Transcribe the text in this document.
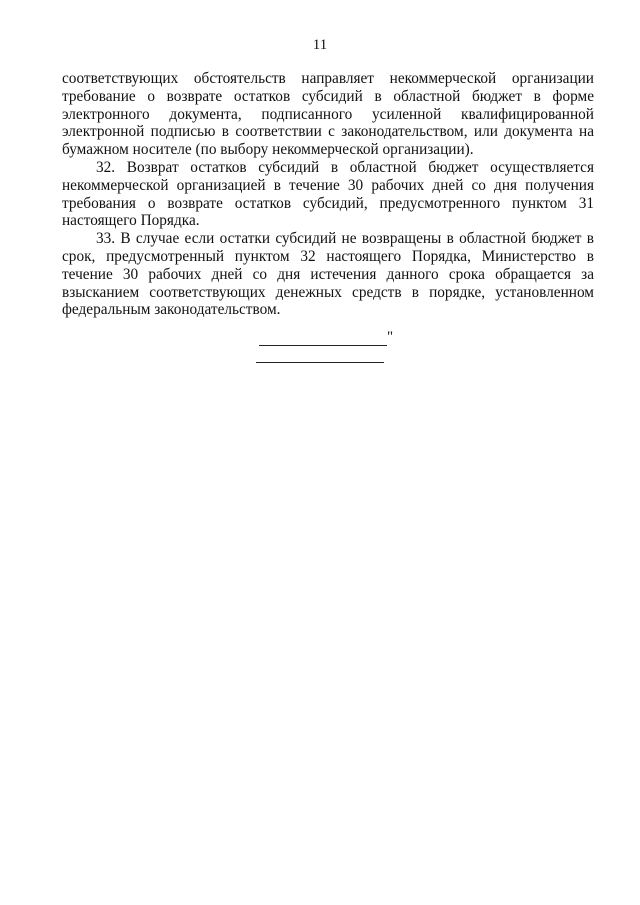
11

соответствующих обстоятельств направляет некоммерческой организации требование о возврате остатков субсидий в областной бюджет в форме электронного документа, подписанного усиленной квалифицированной электронной подписью в соответствии с законодательством, или документа на бумажном носителе (по выбору некоммерческой организации).

32. Возврат остатков субсидий в областной бюджет осуществляется некоммерческой организацией в течение 30 рабочих дней со дня получения требования о возврате остатков субсидий, предусмотренного пунктом 31 настоящего Порядка.

33. В случае если остатки субсидий не возвращены в областной бюджет в срок, предусмотренный пунктом 32 настоящего Порядка, Министерство в течение 30 рабочих дней со дня истечения данного срока обращается за взысканием соответствующих денежных средств в порядке, установленном федеральным законодательством.

"
